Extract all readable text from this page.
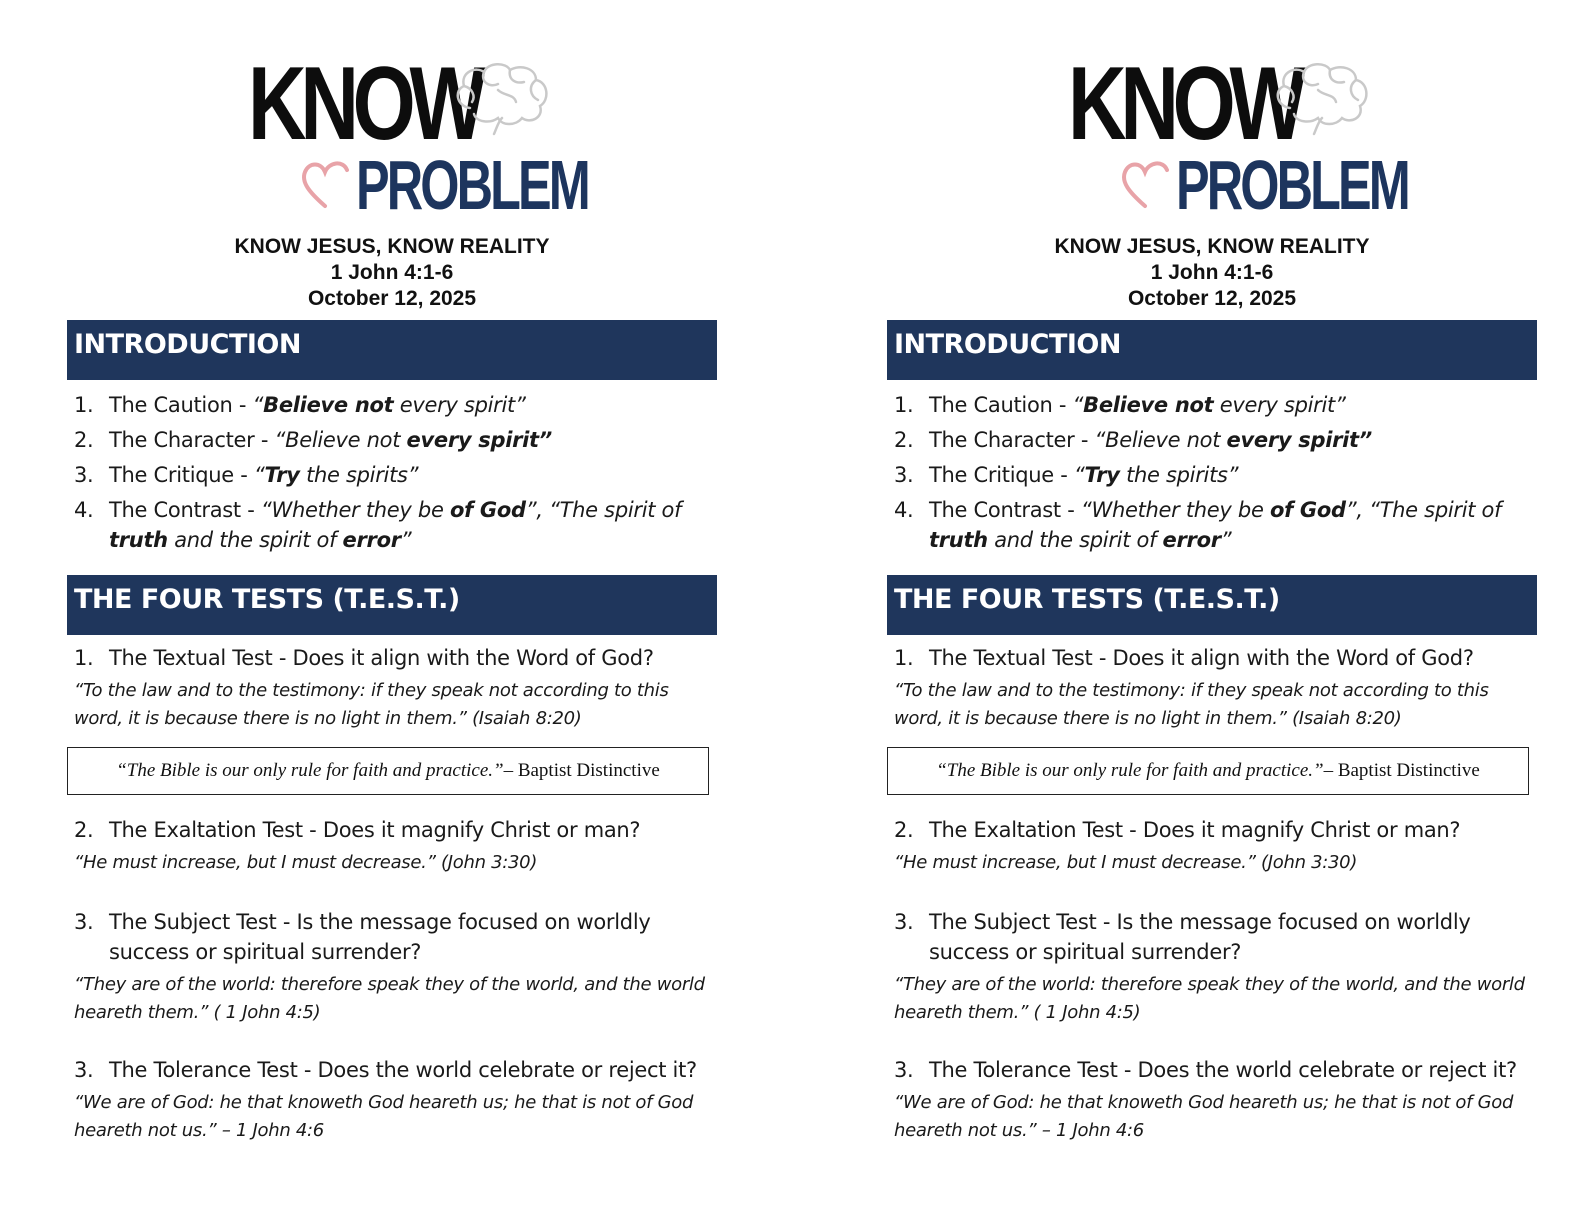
KNOW
PROBLEM
KNOW JESUS, KNOW REALITY
1 John 4:1-6
October 12, 2025
INTRODUCTION
1. The Caution - “Believe not every spirit”
2. The Character - “Believe not every spirit”
3. The Critique - “Try the spirits”
4. The Contrast - “Whether they be of God”, “The spirit of truth and the spirit of error”
THE FOUR TESTS (T.E.S.T.)
1. The Textual Test - Does it align with the Word of God?
“To the law and to the testimony: if they speak not according to this word, it is because there is no light in them.” (Isaiah 8:20)
“The Bible is our only rule for faith and practice.” – Baptist Distinctive
2. The Exaltation Test - Does it magnify Christ or man?
“He must increase, but I must decrease.” (John 3:30)
3. The Subject Test - Is the message focused on worldly success or spiritual surrender?
“They are of the world: therefore speak they of the world, and the world heareth them.” ( 1 John 4:5)
3. The Tolerance Test - Does the world celebrate or reject it?
“We are of God: he that knoweth God heareth us; he that is not of God heareth not us.” – 1 John 4:6
KNOW
PROBLEM
KNOW JESUS, KNOW REALITY
1 John 4:1-6
October 12, 2025
INTRODUCTION
1. The Caution - “Believe not every spirit”
2. The Character - “Believe not every spirit”
3. The Critique - “Try the spirits”
4. The Contrast - “Whether they be of God”, “The spirit of truth and the spirit of error”
THE FOUR TESTS (T.E.S.T.)
1. The Textual Test - Does it align with the Word of God?
“To the law and to the testimony: if they speak not according to this word, it is because there is no light in them.” (Isaiah 8:20)
“The Bible is our only rule for faith and practice.” – Baptist Distinctive
2. The Exaltation Test - Does it magnify Christ or man?
“He must increase, but I must decrease.” (John 3:30)
3. The Subject Test - Is the message focused on worldly success or spiritual surrender?
“They are of the world: therefore speak they of the world, and the world heareth them.” ( 1 John 4:5)
3. The Tolerance Test - Does the world celebrate or reject it?
“We are of God: he that knoweth God heareth us; he that is not of God heareth not us.” – 1 John 4:6
